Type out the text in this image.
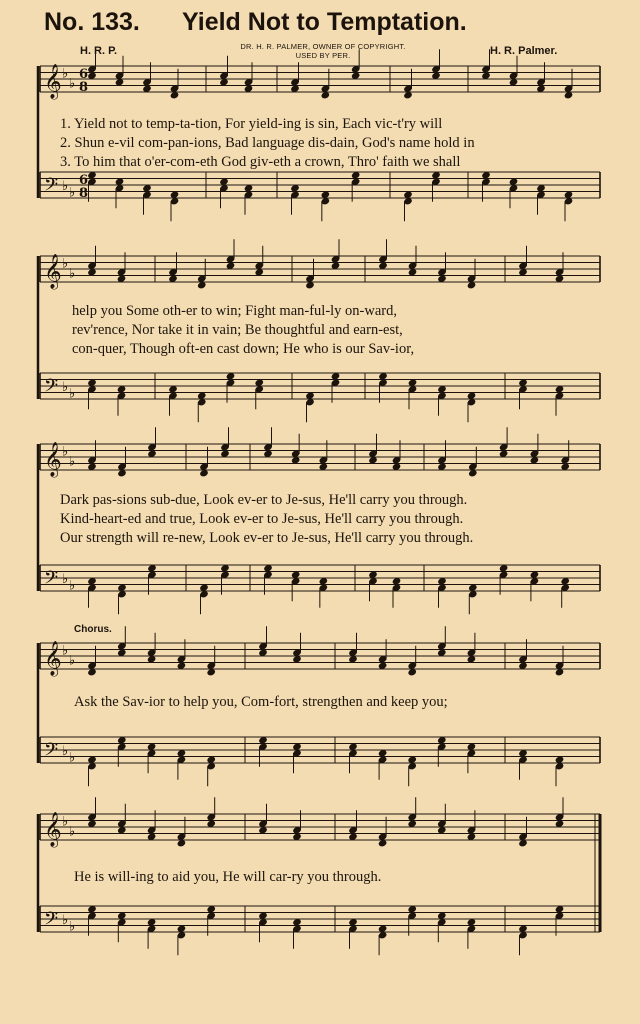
No. 133. Yield Not to Temptation.
H. R. P.	DR. H. R. PALMER, OWNER OF COPYRIGHT.
USED BY PER.	H. R. Palmer.
𝄞 ♭
♭
𝄢 ♭ ♭
𝄞 ♭
♭
𝄢 ♭ ♭
𝄞 ♭
♭
𝄢 ♭ ♭
𝄞 ♭
♭
𝄢 ♭ ♭
𝄞 ♭
♭
𝄢 ♭ ♭
6
8
6
8
1. Yield not to temp-ta-tion, For yield-ing is sin, Each vic-t'ry will
2. Shun e-vil com-pan-ions, Bad language dis-dain, God's name hold in
3. To him that o'er-com-eth God giv-eth a crown, Thro' faith we shall
help you Some oth-er to win; Fight man-ful-ly on-ward,
rev'rence, Nor take it in vain; Be thoughtful and earn-est,
con-quer, Though oft-en cast down; He who is our Sav-ior,
Dark pas-sions sub-due, Look ev-er to Je-sus, He'll carry you through.
Kind-heart-ed and true, Look ev-er to Je-sus, He'll carry you through.
Our strength will re-new, Look ev-er to Je-sus, He'll carry you through.
Chorus.
Ask the Sav-ior to help you, Com-fort, strengthen and keep you;
He is will-ing to aid you, He will car-ry you through.
